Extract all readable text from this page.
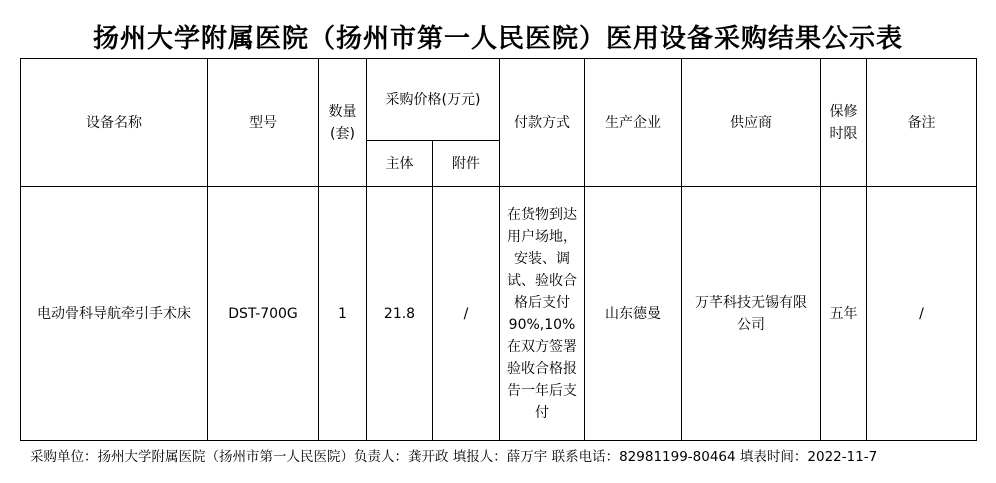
扬州大学附属医院（扬州市第一人民医院）医用设备采购结果公示表
设备名称	型号	数量(套)	采购价格(万元)		付款方式	生产企业	供应商	保修时限	备注
			主体	附件					
电动骨科导航牵引手术床	DST-700G	1	21.8	/	在货物到达用户场地，安装、调试、验收合格后支付 90%,10%在双方签署验收合格报告一年后支付	山东德曼	万芊科技无锡有限公司	五年	/
采购单位：扬州大学附属医院（扬州市第一人民医院）负责人：龚开政 填报人：薛万宇 联系电话：82981199-80464 填表时间：2022-11-7
